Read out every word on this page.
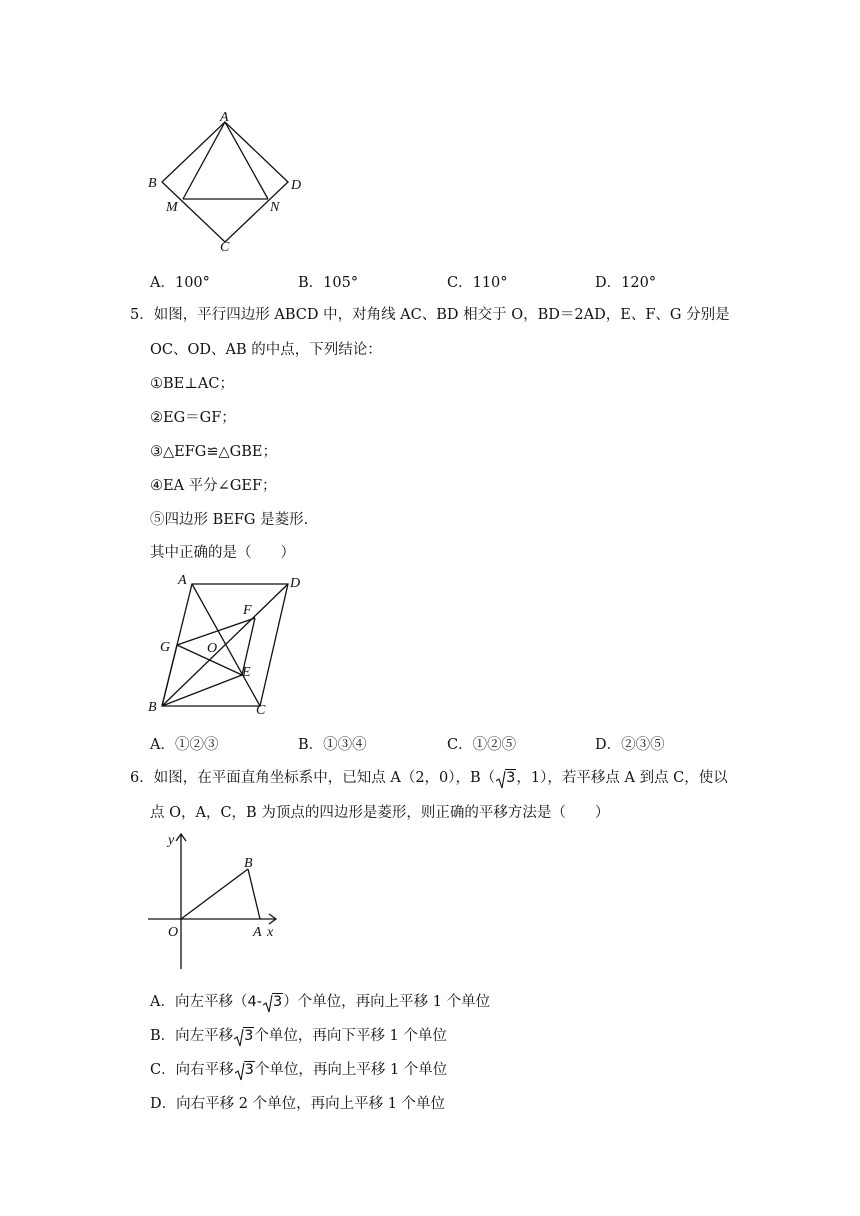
A
B	D
M	N
C
A．100°	B．105°	C．110°	D．120°
5．如图，平行四边形 ABCD 中，对角线 AC、BD 相交于 O，BD＝2AD，E、F、G 分别是
OC、OD、AB 的中点，下列结论：
①BE⊥AC；
②EG＝GF；
③△EFG≌△GBE；
④EA 平分∠GEF；
⑤四边形 BEFG 是菱形.
其中正确的是（　　）
A	D
F
G	O
E
B	C
A．①②③	B．①③④	C．①②⑤	D．②③⑤
6．如图，在平面直角坐标系中，已知点 A（2，0），B（ 3，1），若平移点 A 到点 C，使以
点 O，A，C，B 为顶点的四边形是菱形，则正确的平移方法是（　　）
y
B
O	A x
A．向左平移（4- 3）个单位，再向上平移 1 个单位
B．向左平移 3个单位，再向下平移 1 个单位
C．向右平移 3个单位，再向上平移 1 个单位
D．向右平移 2 个单位，再向上平移 1 个单位
